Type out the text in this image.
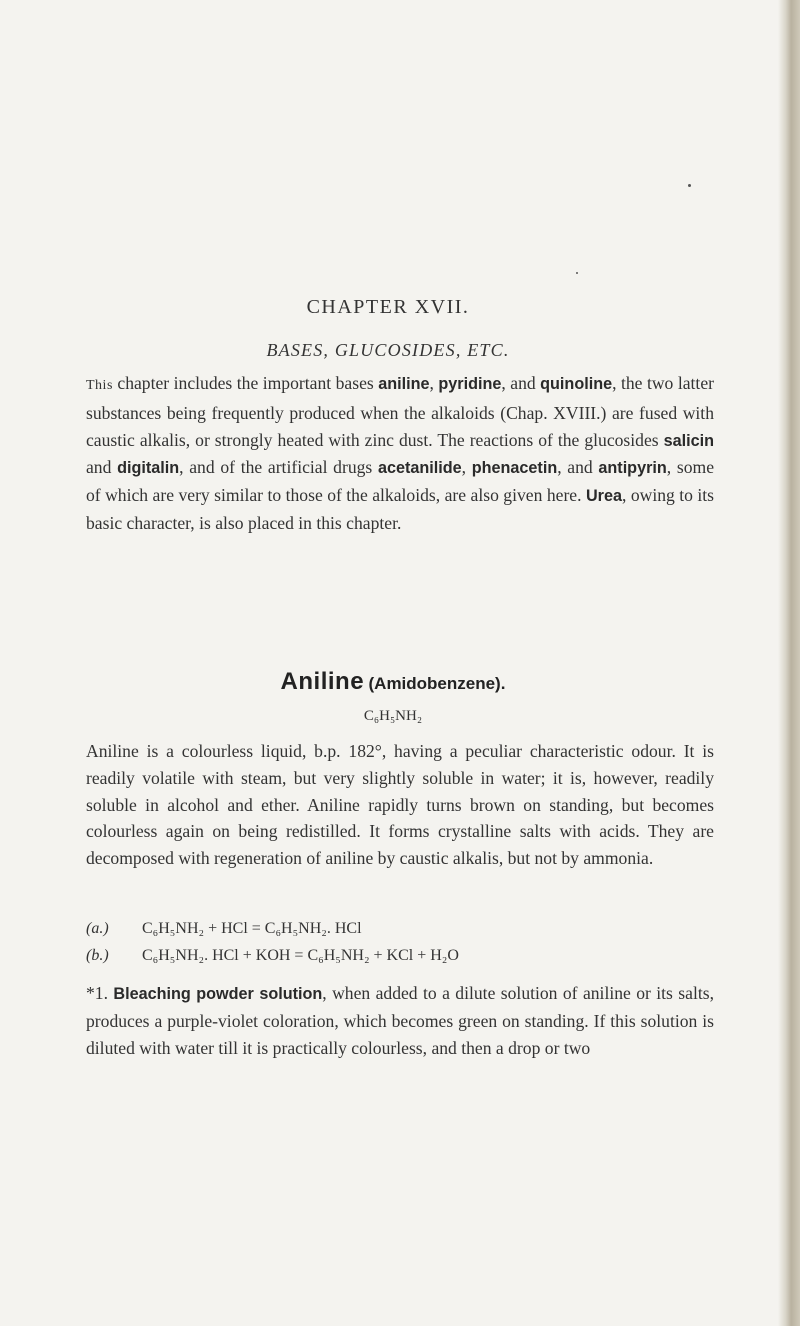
CHAPTER XVII.
BASES, GLUCOSIDES, ETC.

This chapter includes the important bases aniline, pyridine, and quinoline, the two latter substances being frequently produced when the alkaloids (Chap. XVIII.) are fused with caustic alkalis, or strongly heated with zinc dust. The reactions of the glucosides salicin and digitalin, and of the artificial drugs acetanilide, phenacetin, and antipyrin, some of which are very similar to those of the alkaloids, are also given here. Urea, owing to its basic character, is also placed in this chapter.

Aniline (Amidobenzene).
C₆H₅NH₂

Aniline is a colourless liquid, b.p. 182°, having a peculiar characteristic odour. It is readily volatile with steam, but very slightly soluble in water; it is, however, readily soluble in alcohol and ether. Aniline rapidly turns brown on standing, but becomes colourless again on being redistilled. It forms crystalline salts with acids. They are decomposed with regeneration of aniline by caustic alkalis, but not by ammonia.

(a.) C₆H₅NH₂ + HCl = C₆H₅NH₂. HCl
(b.) C₆H₅NH₂. HCl + KOH = C₆H₅NH₂ + KCl + H₂O

*1. Bleaching powder solution, when added to a dilute solution of aniline or its salts, produces a purple-violet coloration, which becomes green on standing. If this solution is diluted with water till it is practically colourless, and then a drop or two
